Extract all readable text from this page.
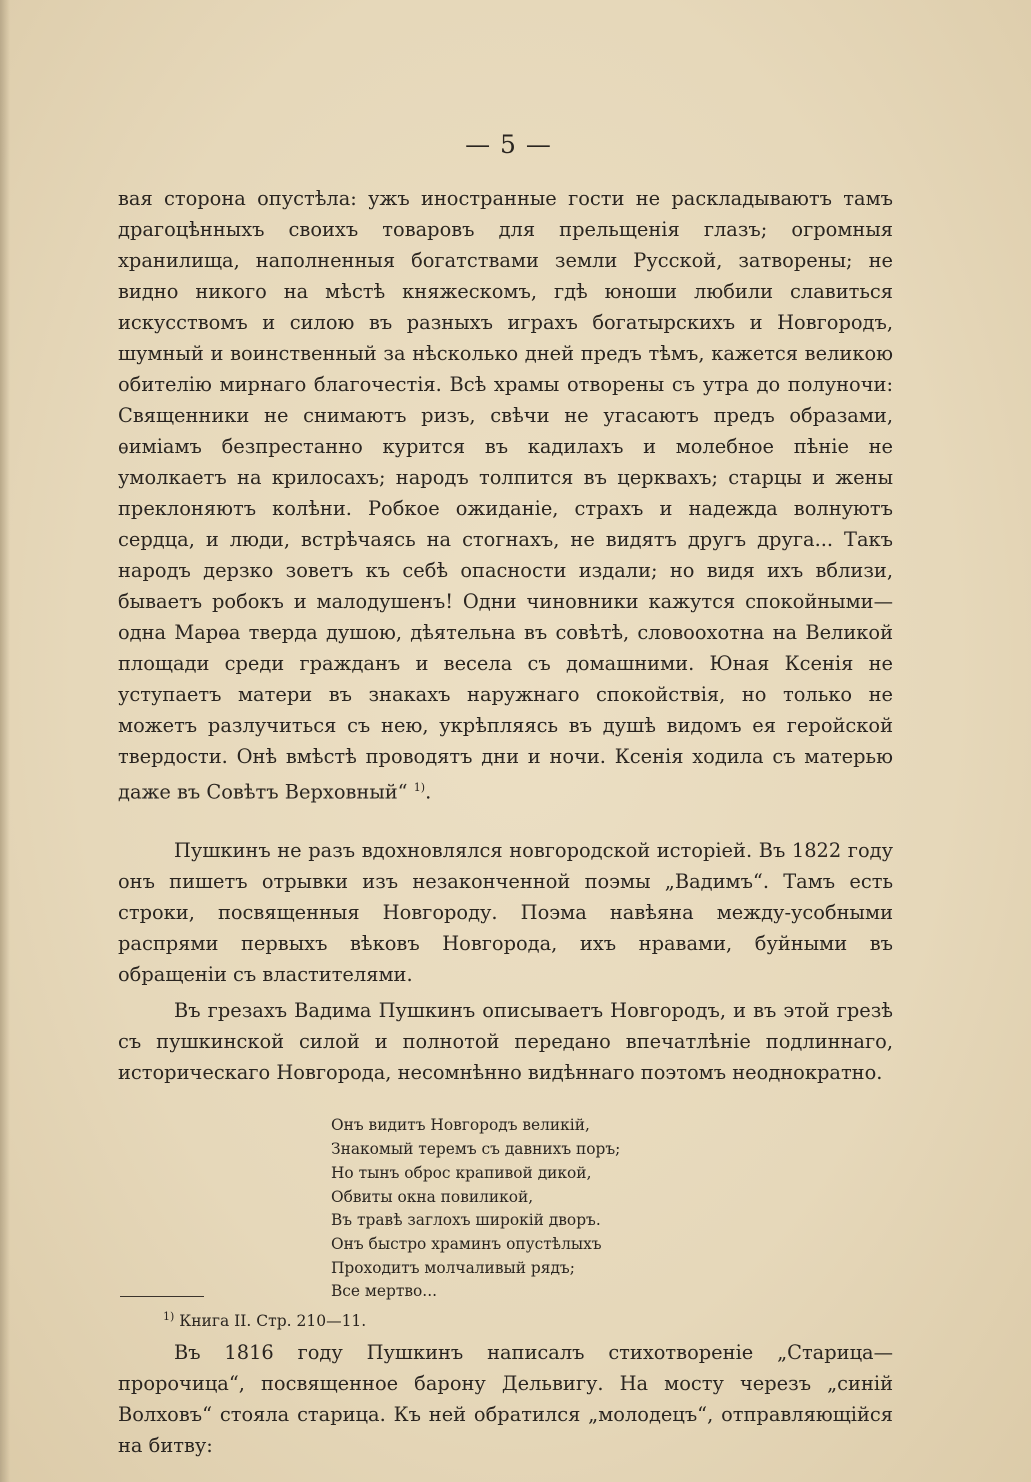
— 5 —

вая сторона опустѣла: ужъ иностранные гости не раскладываютъ тамъ драгоцѣнныхъ своихъ товаровъ для прельщенія глазъ; огромныя хранилища, наполненныя богатствами земли Русской, затворены; не видно никого на мѣстѣ княжескомъ, гдѣ юноши любили славиться искусствомъ и силою въ разныхъ играхъ богатырскихъ и Новгородъ, шумный и воинственный за нѣсколько дней предъ тѣмъ, кажется великою обителію мирнаго благочестія. Всѣ храмы отворены съ утра до полуночи: Священники не снимаютъ ризъ, свѣчи не угасаютъ предъ образами, ѳиміамъ безпрестанно курится въ кадилахъ и молебное пѣніе не умолкаетъ на крилосахъ; народъ толпится въ церквахъ; старцы и жены преклоняютъ колѣни. Робкое ожиданіе, страхъ и надежда волнуютъ сердца, и люди, встрѣчаясь на стогнахъ, не видятъ другъ друга... Такъ народъ дерзко зоветъ къ себѣ опасности издали; но видя ихъ вблизи, бываетъ робокъ и малодушенъ! Одни чиновники кажутся спокойными—одна Марѳа тверда душою, дѣятельна въ совѣтѣ, словоохотна на Великой площади среди гражданъ и весела съ домашними. Юная Ксенія не уступаетъ матери въ знакахъ наружнаго спокойствія, но только не можетъ разлучиться съ нею, укрѣпляясь въ душѣ видомъ ея геройской твердости. Онѣ вмѣстѣ проводятъ дни и ночи. Ксенія ходила съ матерью даже въ Совѣтъ Верховный“ $^{1)}$.

Пушкинъ не разъ вдохновлялся новгородской исторіей. Въ 1822 году онъ пишетъ отрывки изъ незаконченной поэмы „Вадимъ“. Тамъ есть строки, посвященныя Новгороду. Поэма навѣяна между-усобными распрями первыхъ вѣковъ Новгорода, ихъ нравами, буйными въ обращеніи съ властителями.

Въ грезахъ Вадима Пушкинъ описываетъ Новгородъ, и въ этой грезѣ съ пушкинской силой и полнотой передано впечатлѣніе подлиннаго, историческаго Новгорода, несомнѣнно видѣннаго поэтомъ неоднократно.

Онъ видитъ Новгородъ великій,
Знакомый теремъ съ давнихъ поръ;
Но тынъ оброс крапивой дикой,
Обвиты окна повиликой,
Въ травѣ заглохъ широкій дворъ.
Онъ быстро храминъ опустѣлыхъ
Проходитъ молчаливый рядъ;
Все мертво...

Въ 1816 году Пушкинъ написалъ стихотвореніе „Старица—пророчица“, посвященное барону Дельвигу. На мосту черезъ „синій Волховъ“ стояла старица. Къ ней обратился „молодецъ“, отправляющійся на битву:

$^{1)}$ Книга II. Стр. 210—11.
